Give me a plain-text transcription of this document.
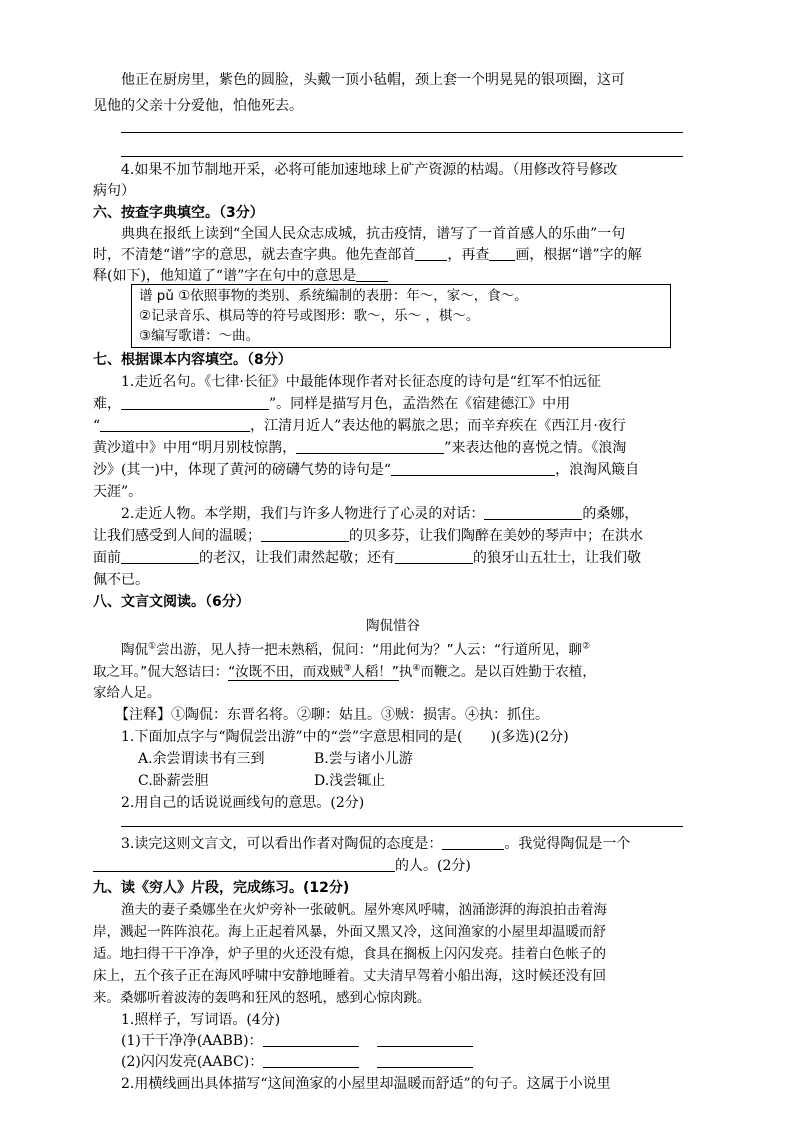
他正在厨房里，紫色的圆脸，头戴一顶小毡帽，颈上套一个明晃晃的银项圈，这可
见他的父亲十分爱他，怕他死去。
4.如果不加节制地开采，必将可能加速地球上矿产资源的枯竭。（用修改符号修改
病句）
六、按查字典填空。（3分）
典典在报纸上读到“全国人民众志成城，抗击疫情，谱写了一首首感人的乐曲”一句
时，不清楚“谱”字的意思，就去查字典。他先查部首 ，再查 画，根据“谱”字的解
释(如下)，他知道了“谱”字在句中的意思是
谱 pǔ ①依照事物的类别、系统编制的表册：年～，家～，食～。
②记录音乐、棋局等的符号或图形：歌～，乐～ ，棋～。
③编写歌谱：～曲。
七、根据课本内容填空。（8分）
1.走近名句。《七律·长征》中最能体现作者对长征态度的诗句是“红军不怕远征
难，	”。同样是描写月色，孟浩然在《宿建德江》中用
“	，江清月近人”表达他的羁旅之思；而辛弃疾在《西江月·夜行
黄沙道中》中用“明月别枝惊鹊，	”来表达他的喜悦之情。《浪淘
沙》(其一)中，体现了黄河的磅礴气势的诗句是“	，浪淘风簸自
天涯”。
2.走近人物。本学期，我们与许多人物进行了心灵的对话：	的桑娜，
让我们感受到人间的温暖；	的贝多芬，让我们陶醉在美妙的琴声中；在洪水
面前	的老汉，让我们肃然起敬；还有	的狼牙山五壮士，让我们敬
佩不已。
八、文言文阅读。（6分）
陶侃惜谷
陶侃①尝出游，见人持一把未熟稻，侃问：“用此何为？”人云：“行道所见，聊②
取之耳。”侃大怒诘曰：“汝既不田，而戏贼③人稻！”执④而鞭之。是以百姓勤于农植，
家给人足。
【注释】①陶侃：东晋名将。②聊：姑且。③贼：损害。④执：抓住。
1.下面加点字与“陶侃尝出游”中的“尝”字意思相同的是(　　)(多选)(2分)
A.余尝谓读书有三到	B.尝与诸小儿游
C.卧薪尝胆	D.浅尝辄止
2.用自己的话说说画线句的意思。(2分)
3.读完这则文言文，可以看出作者对陶侃的态度是：	。我觉得陶侃是一个
的人。(2分)
九、读《穷人》片段，完成练习。(12分)
渔夫的妻子桑娜坐在火炉旁补一张破帆。屋外寒风呼啸，汹涌澎湃的海浪拍击着海
岸，溅起一阵阵浪花。海上正起着风暴，外面又黑又冷，这间渔家的小屋里却温暖而舒
适。地扫得干干净净，炉子里的火还没有熄，食具在搁板上闪闪发亮。挂着白色帐子的
床上，五个孩子正在海风呼啸中安静地睡着。丈夫清早驾着小船出海，这时候还没有回
来。桑娜听着波涛的轰鸣和狂风的怒吼，感到心惊肉跳。
1.照样子，写词语。(4分)
(1)干干净净(AABB)：
(2)闪闪发亮(AABC)：
2.用横线画出具体描写“这间渔家的小屋里却温暖而舒适”的句子。这属于小说里
